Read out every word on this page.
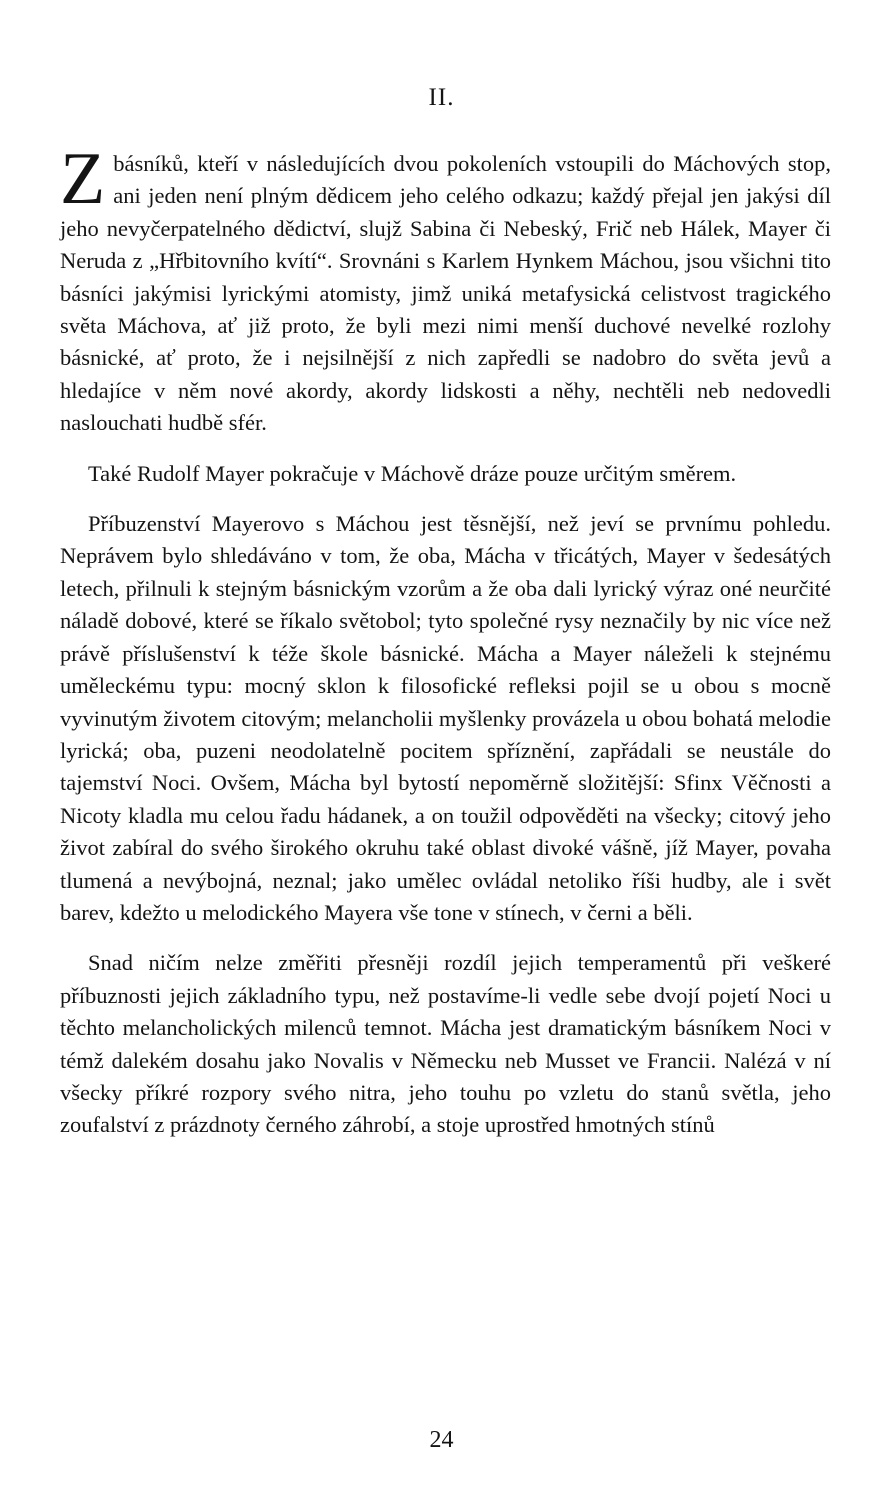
II.

Zbásníků, kteří v následujících dvou pokoleních vstoupili do Máchových stop, ani jeden není plným dědicem jeho celého odkazu; každý přejal jen jakýsi díl jeho nevyčerpatelného dědictví, slujž Sabina či Nebeský, Frič neb Hálek, Mayer či Neruda z „Hřbitovního kvítí“. Srovnáni s Karlem Hynkem Máchou, jsou všichni tito básníci jakýmisi lyrickými atomisty, jimž uniká metafysická celistvost tragického světa Máchova, ať již proto, že byli mezi nimi menší duchové nevelké rozlohy básnické, ať proto, že i nejsilnější z nich zapředli se nadobro do světa jevů a hledajíce v něm nové akordy, akordy lidskosti a něhy, nechtěli neb nedovedli naslouchati hudbě sfér.

Také Rudolf Mayer pokračuje v Máchově dráze pouze určitým směrem.

Příbuzenství Mayerovo s Máchou jest těsnější, než jeví se prvnímu pohledu. Neprávem bylo shledáváno v tom, že oba, Mácha v třicátých, Mayer v šedesátých letech, přilnuli k stejným básnickým vzorům a že oba dali lyrický výraz oné neurčité náladě dobové, které se říkalo světobol; tyto společné rysy neznačily by nic více než právě příslušenství k téže škole básnické. Mácha a Mayer náleželi k stejnému uměleckému typu: mocný sklon k filosofické refleksi pojil se u obou s mocně vyvinutým životem citovým; melancholii myšlenky provázela u obou bohatá melodie lyrická; oba, puzeni neodolatelně pocitem spříznění, zapřádali se neustále do tajemství Noci. Ovšem, Mácha byl bytostí nepoměrně složitější: Sfinx Věčnosti a Nicoty kladla mu celou řadu hádanek, a on toužil odpověděti na všecky; citový jeho život zabíral do svého širokého okruhu také oblast divoké vášně, jíž Mayer, povaha tlumená a nevýbojná, neznal; jako umělec ovládal netoliko říši hudby, ale i svět barev, kdežto u melodického Mayera vše tone v stínech, v černi a běli.

Snad ničím nelze změřiti přesněji rozdíl jejich temperamentů při veškeré příbuznosti jejich základního typu, než postavíme-li vedle sebe dvojí pojetí Noci u těchto melancholických milenců temnot. Mácha jest dramatickým básníkem Noci v témž dalekém dosahu jako Novalis v Německu neb Musset ve Francii. Nalézá v ní všecky příkré rozpory svého nitra, jeho touhu po vzletu do stanů světla, jeho zoufalství z prázdnoty černého záhrobí, a stoje uprostřed hmotných stínů

24
